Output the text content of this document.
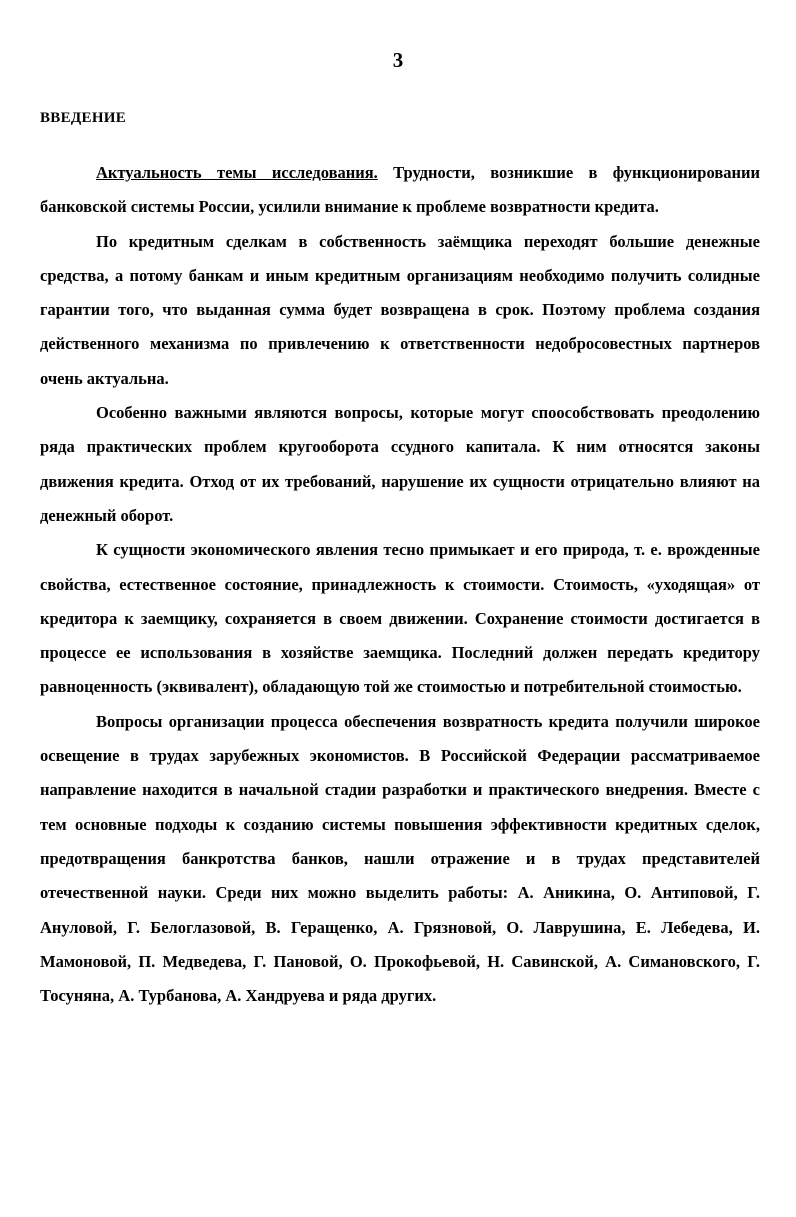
3
ВВЕДЕНИЕ

Актуальность темы исследования. Трудности, возникшие в функционировании банковской системы России, усилили внимание к проблеме возвратности кредита.

По кредитным сделкам в собственность заёмщика переходят большие денежные средства, а потому банкам и иным кредитным организациям необходимо получить солидные гарантии того, что выданная сумма будет возвращена в срок. Поэтому проблема создания действенного механизма по привлечению к ответственности недобросовестных партнеров очень актуальна.

Особенно важными являются вопросы, которые могут споособствовать преодолению ряда практических проблем кругооборота ссудного капитала. К ним относятся законы движения кредита. Отход от их требований, нарушение их сущности отрицательно влияют на денежный оборот.

К сущности экономического явления тесно примыкает и его природа, т. е. врожденные свойства, естественное состояние, принадлежность к стоимости. Стоимость, «уходящая» от кредитора к заемщику, сохраняется в своем движении. Сохранение стоимости достигается в процессе ее использования в хозяйстве заемщика. Последний должен передать кредитору равноценность (эквивалент), обладающую той же стоимостью и потребительной стоимостью.

Вопросы организации процесса обеспечения возвратность кредита получили широкое освещение в трудах зарубежных экономистов. В Российской Федерации рассматриваемое направление находится в начальной стадии разработки и практического внедрения. Вместе с тем основные подходы к созданию системы повышения эффективности кредитных сделок, предотвращения банкротства банков, нашли отражение и в трудах представителей отечественной науки. Среди них можно выделить работы: А. Аникина, О. Антиповой, Г. Ануловой, Г. Белоглазовой, В. Геращенко, А. Грязновой, О. Лаврушина, Е. Лебедева, И. Мамоновой, П. Медведева, Г. Пановой, О. Прокофьевой, Н. Савинской, А. Симановского, Г. Тосуняна, А. Турбанова, А. Хандруева и ряда других.
